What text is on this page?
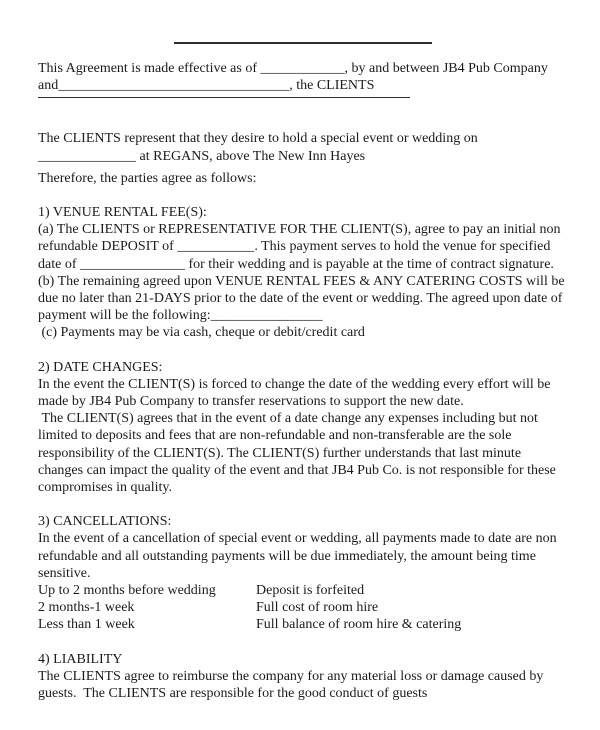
This Agreement is made effective as of ____________, by and between JB4 Pub Company

and_________________________________, the CLIENTS

The CLIENTS represent that they desire to hold a special event or wedding on ______________ at REGANS, above The New Inn Hayes

Therefore, the parties agree as follows:

1) VENUE RENTAL FEE(S):

(a) The CLIENTS or REPRESENTATIVE FOR THE CLIENT(S), agree to pay an initial non refundable DEPOSIT of ___________. This payment serves to hold the venue for specified date of _______________ for their wedding and is payable at the time of contract signature.

(b) The remaining agreed upon VENUE RENTAL FEES & ANY CATERING COSTS will be due no later than 21-DAYS prior to the date of the event or wedding. The agreed upon date of payment will be the following:________________

(c) Payments may be via cash, cheque or debit/credit card

2) DATE CHANGES:

In the event the CLIENT(S) is forced to change the date of the wedding every effort will be made by JB4 Pub Company to transfer reservations to support the new date.

The CLIENT(S) agrees that in the event of a date change any expenses including but not limited to deposits and fees that are non-refundable and non-transferable are the sole responsibility of the CLIENT(S). The CLIENT(S) further understands that last minute changes can impact the quality of the event and that JB4 Pub Co. is not responsible for these compromises in quality.

3) CANCELLATIONS:

In the event of a cancellation of special event or wedding, all payments made to date are non refundable and all outstanding payments will be due immediately, the amount being time sensitive.

Up to 2 months before wedding	Deposit is forfeited
2 months-1 week	Full cost of room hire
Less than 1 week	Full balance of room hire & catering

4) LIABILITY

The CLIENTS agree to reimburse the company for any material loss or damage caused by guests.  The CLIENTS are responsible for the good conduct of guests
